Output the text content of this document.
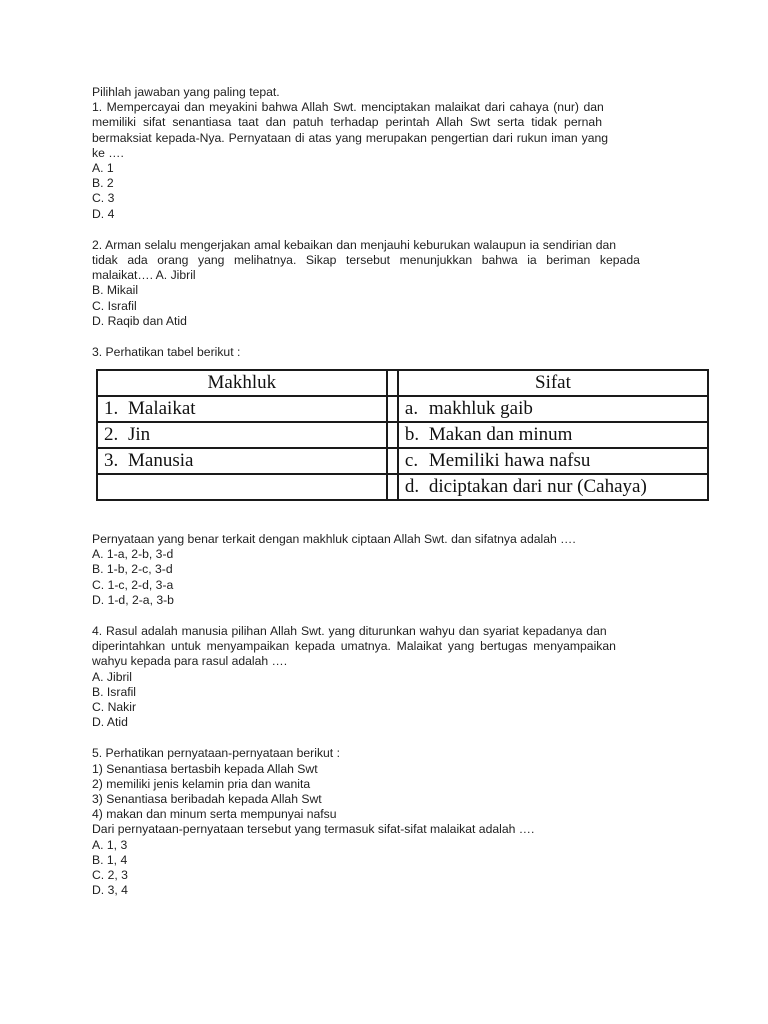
Pilihlah jawaban yang paling tepat.
1. Mempercayai dan meyakini bahwa Allah Swt. menciptakan malaikat dari cahaya (nur) dan
memiliki sifat senantiasa taat dan patuh terhadap perintah Allah Swt serta tidak pernah
bermaksiat kepada-Nya. Pernyataan di atas yang merupakan pengertian dari rukun iman yang
ke ….
A. 1
B. 2
C. 3
D. 4
2. Arman selalu mengerjakan amal kebaikan dan menjauhi keburukan walaupun ia sendirian dan
tidak ada orang yang melihatnya. Sikap tersebut menunjukkan bahwa ia beriman kepada
malaikat…. A. Jibril
B. Mikail
C. Israfil
D. Raqib dan Atid
3. Perhatikan tabel berikut :
Makhluk		Sifat
1. Malaikat		a. makhluk gaib
2. Jin		b. Makan dan minum
3. Manusia		c. Memiliki hawa nafsu
		d. diciptakan dari nur (Cahaya)
Pernyataan yang benar terkait dengan makhluk ciptaan Allah Swt. dan sifatnya adalah ….
A. 1-a, 2-b, 3-d
B. 1-b, 2-c, 3-d
C. 1-c, 2-d, 3-a
D. 1-d, 2-a, 3-b
4. Rasul adalah manusia pilihan Allah Swt. yang diturunkan wahyu dan syariat kepadanya dan
diperintahkan untuk menyampaikan kepada umatnya. Malaikat yang bertugas menyampaikan
wahyu kepada para rasul adalah ….
A. Jibril
B. Israfil
C. Nakir
D. Atid
5. Perhatikan pernyataan-pernyataan berikut :
1) Senantiasa bertasbih kepada Allah Swt
2) memiliki jenis kelamin pria dan wanita
3) Senantiasa beribadah kepada Allah Swt
4) makan dan minum serta mempunyai nafsu
Dari pernyataan-pernyataan tersebut yang termasuk sifat-sifat malaikat adalah ….
A. 1, 3
B. 1, 4
C. 2, 3
D. 3, 4
